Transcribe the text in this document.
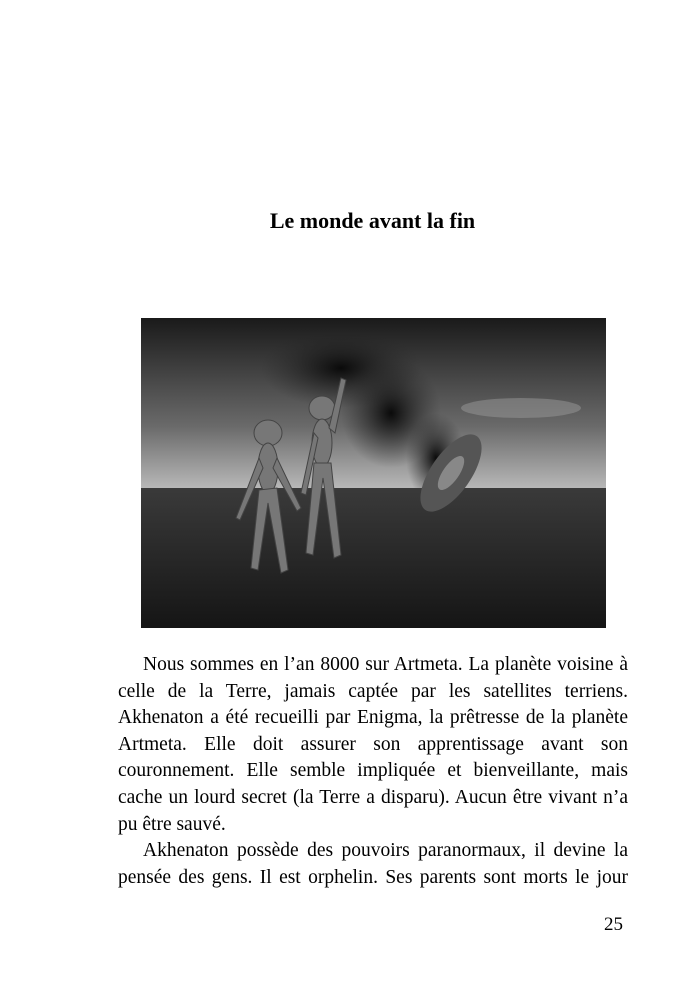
Le monde avant la fin
Nous sommes en l’an 8000 sur Artmeta. La planète voisine à
celle de la Terre, jamais captée par les satellites terriens.
Akhenaton a été recueilli par Enigma, la prêtresse de la planète
Artmeta. Elle doit assurer son apprentissage avant son
couronnement. Elle semble impliquée et bienveillante, mais
cache un lourd secret (la Terre a disparu). Aucun être vivant n’a
pu être sauvé.
Akhenaton possède des pouvoirs paranormaux, il devine la
pensée des gens. Il est orphelin. Ses parents sont morts le jour
25
